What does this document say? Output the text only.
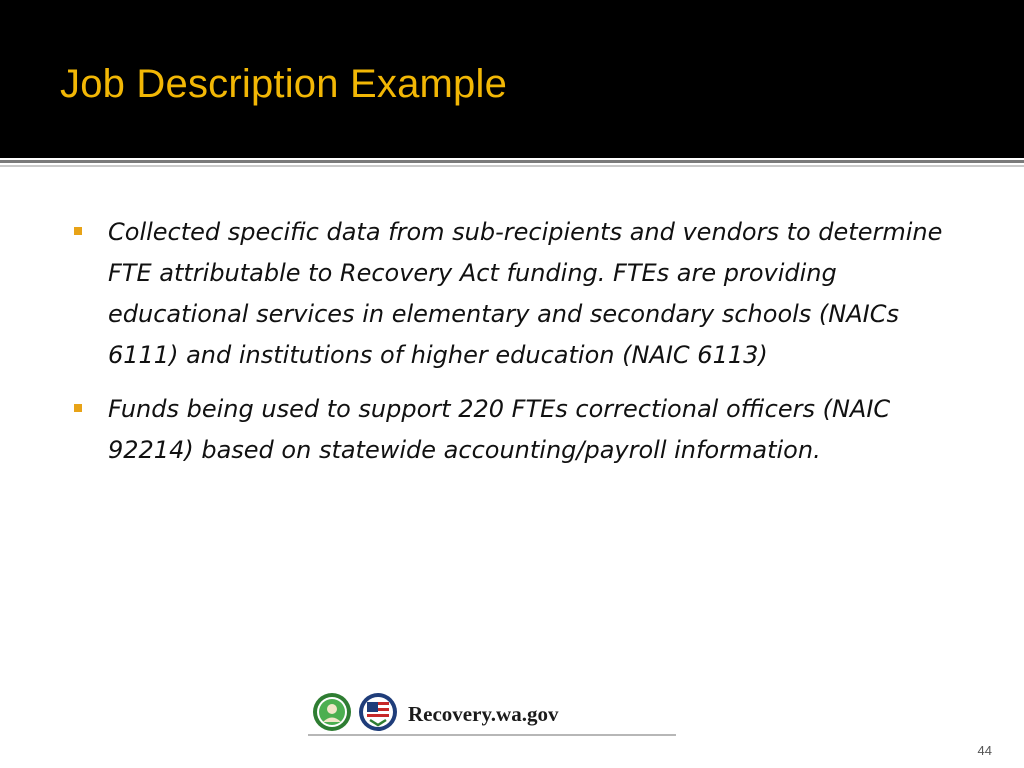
Job Description Example
Collected specific data from sub-recipients and vendors to determine FTE attributable to Recovery Act funding. FTEs are providing educational services in elementary and secondary schools (NAICs 6111) and institutions of higher education (NAIC 6113)
Funds being used to support 220 FTEs correctional officers (NAIC 92214) based on statewide accounting/payroll information.
Recovery.wa.gov
44
